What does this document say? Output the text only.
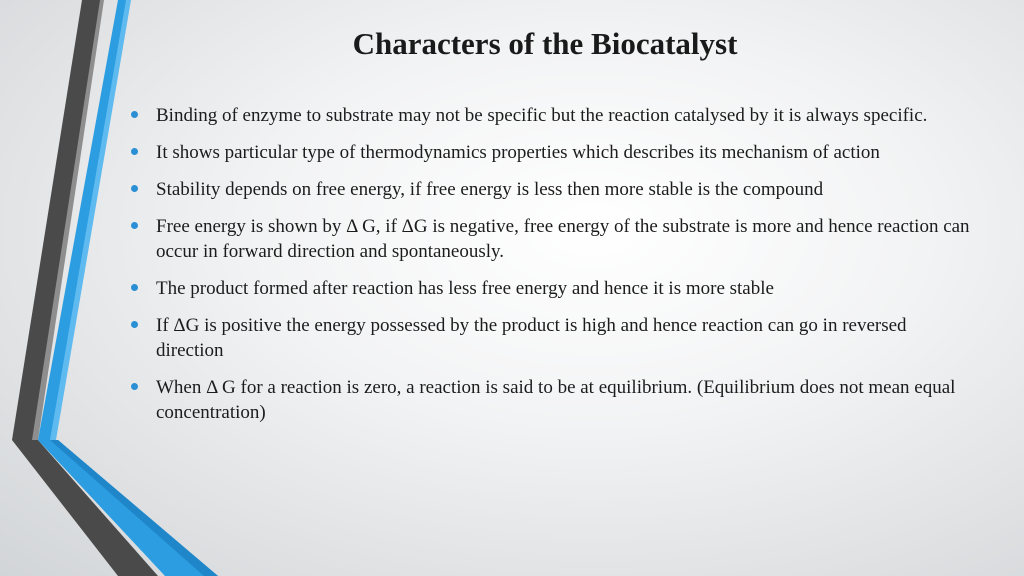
Characters of the Biocatalyst
Binding of enzyme to substrate may not be specific but the reaction catalysed by it is always specific.
It shows particular type of thermodynamics properties which describes its mechanism of action
Stability depends on free energy, if free energy is less then more stable is the compound
Free energy is shown by Δ G, if ΔG is negative, free energy of the substrate is more and hence reaction can occur in forward direction and spontaneously.
The product formed after reaction has less free energy and hence it is more stable
If ΔG is positive the energy possessed by the product is high and hence reaction can go in reversed direction
When Δ G for a reaction is zero, a reaction is said to be at equilibrium. (Equilibrium does not mean equal concentration)
